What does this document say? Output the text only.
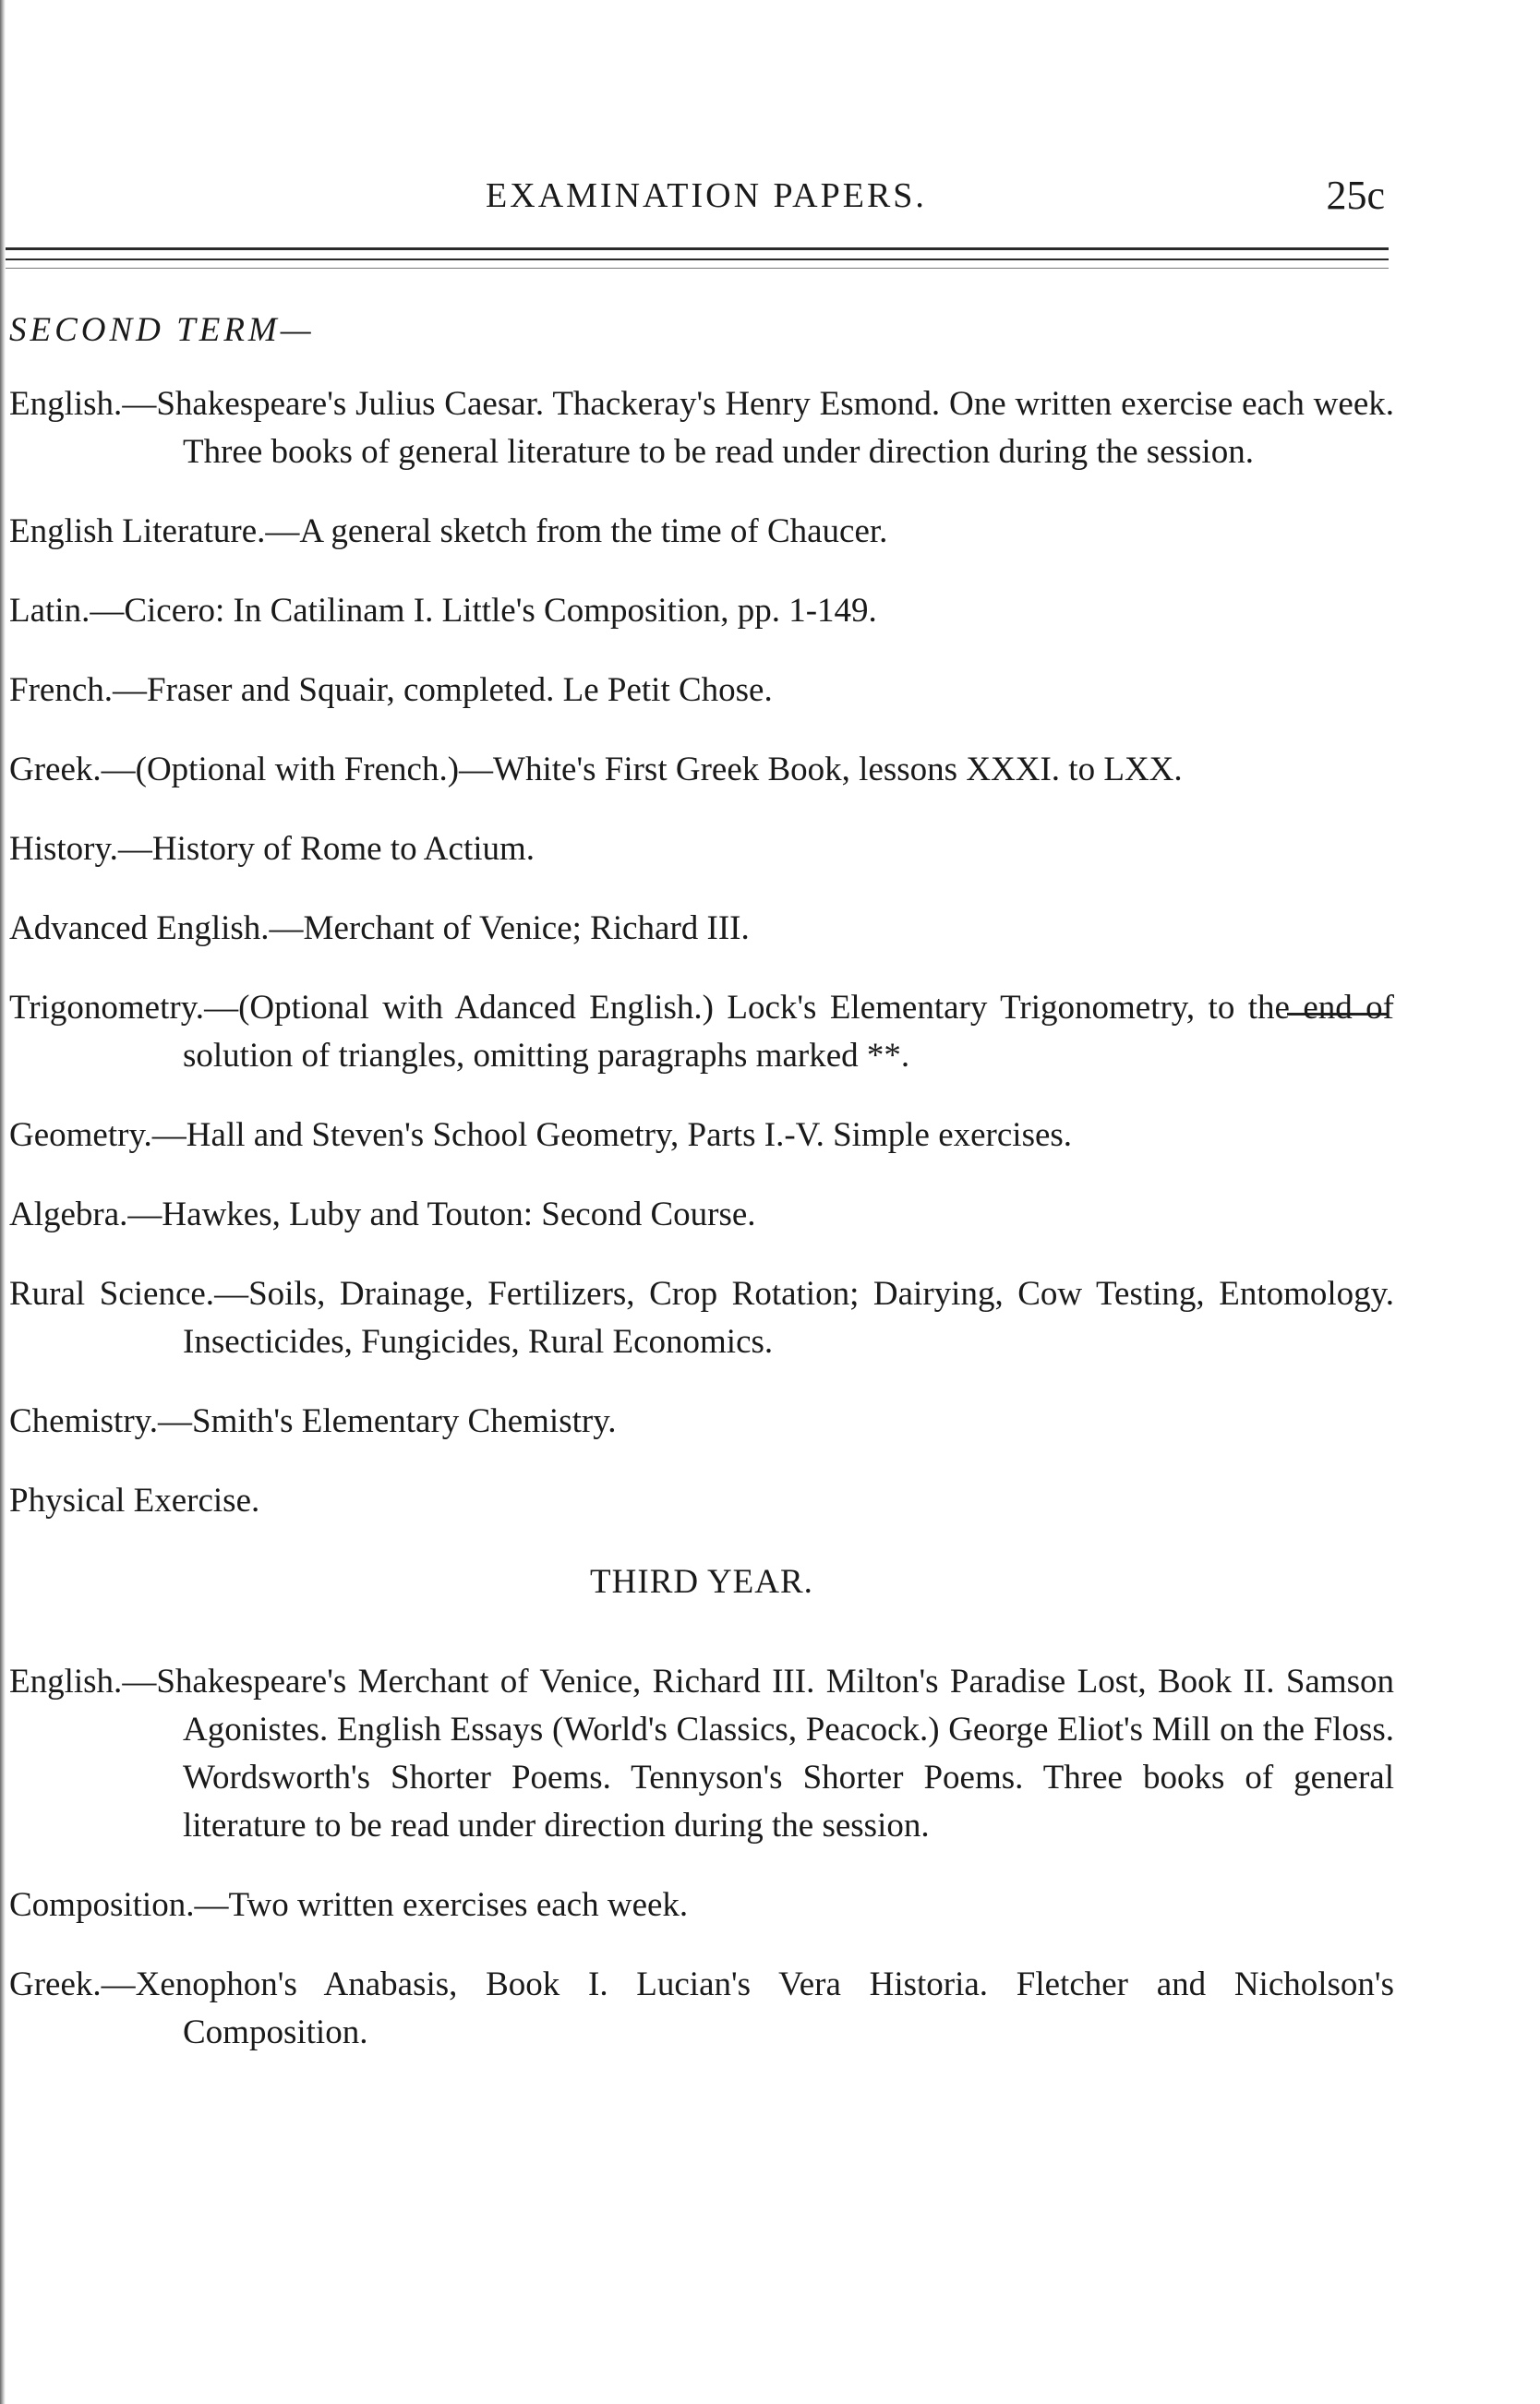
EXAMINATION PAPERS.	25c
SECOND TERM—
English.—Shakespeare's Julius Caesar. Thackeray's Henry Esmond. One written exercise each week. Three books of general literature to be read under direction during the session.
English Literature.—A general sketch from the time of Chaucer.
Latin.—Cicero: In Catilinam I. Little's Composition, pp. 1-149.
French.—Fraser and Squair, completed. Le Petit Chose.
Greek.—(Optional with French.)—White's First Greek Book, lessons XXXI. to LXX.
History.—History of Rome to Actium.
Advanced English.—Merchant of Venice; Richard III.
Trigonometry.—(Optional with Adanced English.) Lock's Elementary Trigonometry, to the end of solution of triangles, omitting paragraphs marked **.
Geometry.—Hall and Steven's School Geometry, Parts I.-V. Simple exercises.
Algebra.—Hawkes, Luby and Touton: Second Course.
Rural Science.—Soils, Drainage, Fertilizers, Crop Rotation; Dairying, Cow Testing, Entomology. Insecticides, Fungicides, Rural Economics.
Chemistry.—Smith's Elementary Chemistry.
Physical Exercise.
THIRD YEAR.
English.—Shakespeare's Merchant of Venice, Richard III. Milton's Paradise Lost, Book II. Samson Agonistes. English Essays (World's Classics, Peacock.) George Eliot's Mill on the Floss. Wordsworth's Shorter Poems. Tennyson's Shorter Poems. Three books of general literature to be read under direction during the session.
Composition.—Two written exercises each week.
Greek.—Xenophon's Anabasis, Book I. Lucian's Vera Historia. Fletcher and Nicholson's Composition.
